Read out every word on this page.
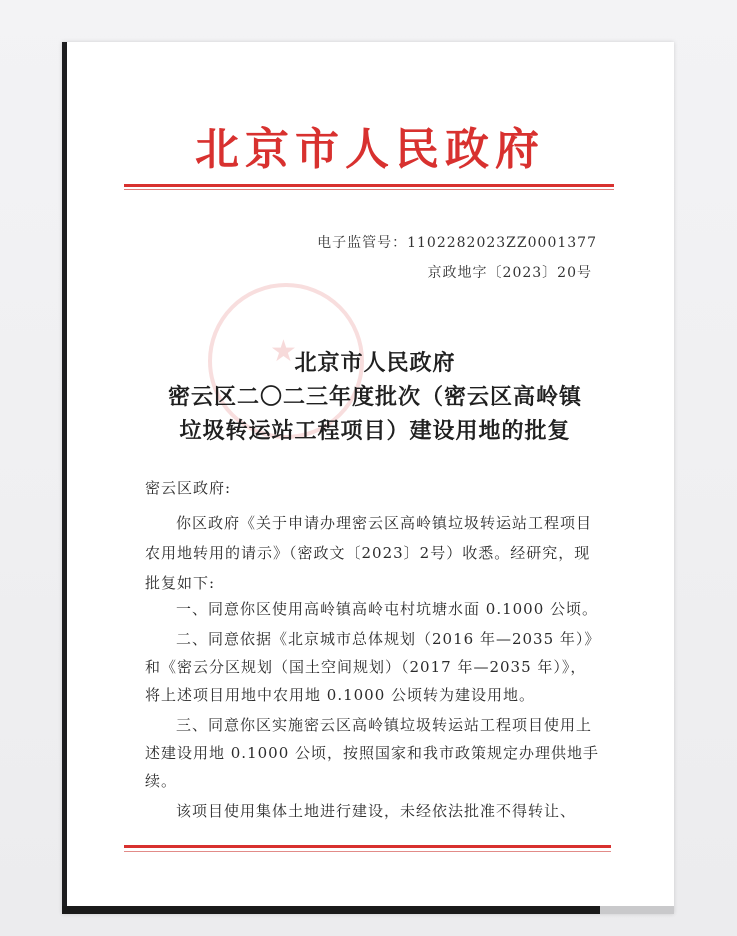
北京市人民政府
电子监管号：1102282023ZZ0001377
京政地字〔2023〕20号
★
北京市人民政府
密云区二〇二三年度批次（密云区高岭镇
垃圾转运站工程项目）建设用地的批复
密云区政府:
你区政府《关于申请办理密云区高岭镇垃圾转运站工程项目
农用地转用的请示》（密政文〔2023〕2号）收悉。经研究，现
批复如下:
一、同意你区使用高岭镇高岭屯村坑塘水面 0.1000 公顷。
二、同意依据《北京城市总体规划（2016 年—2035 年）》
和《密云分区规划（国土空间规划）（2017 年—2035 年）》，
将上述项目用地中农用地 0.1000 公顷转为建设用地。
三、同意你区实施密云区高岭镇垃圾转运站工程项目使用上
述建设用地 0.1000 公顷，按照国家和我市政策规定办理供地手
续。
该项目使用集体土地进行建设，未经依法批准不得转让、
